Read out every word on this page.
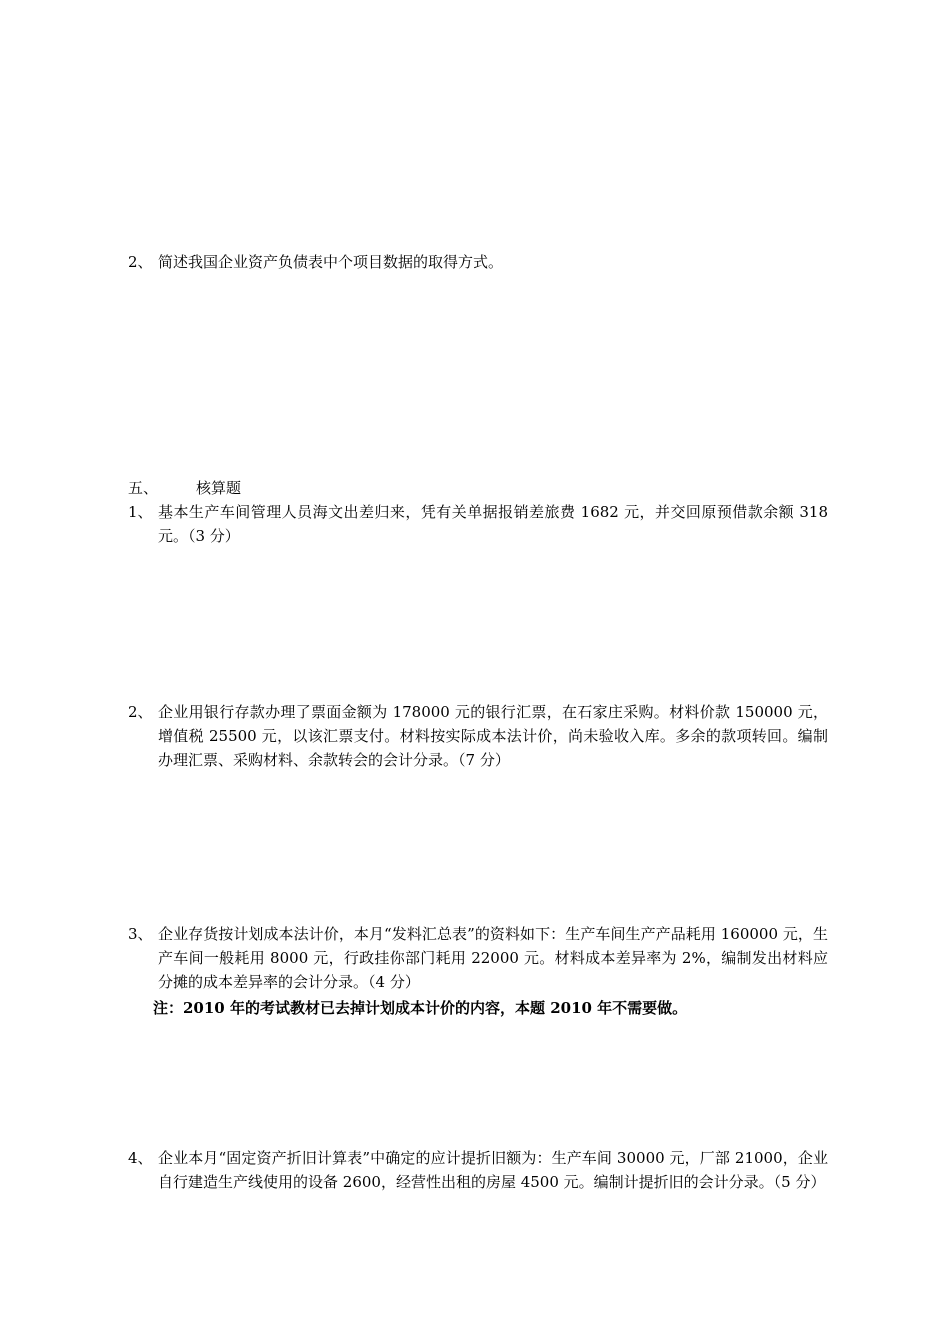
2、 简述我国企业资产负债表中个项目数据的取得方式。
五、	核算题
1、 基本生产车间管理人员海文出差归来，凭有关单据报销差旅费 1682 元，并交回原预借款余额 318 元。（3 分）
2、 企业用银行存款办理了票面金额为 178000 元的银行汇票，在石家庄采购。材料价款 150000 元，增值税 25500 元，以该汇票支付。材料按实际成本法计价，尚未验收入库。多余的款项转回。编制办理汇票、采购材料、余款转会的会计分录。（7 分）
3、 企业存货按计划成本法计价，本月“发料汇总表”的资料如下：生产车间生产产品耗用 160000 元，生产车间一般耗用 8000 元，行政挂你部门耗用 22000 元。材料成本差异率为 2%，编制发出材料应分摊的成本差异率的会计分录。（4 分）
注：2010 年的考试教材已去掉计划成本计价的内容，本题 2010 年不需要做。
4、 企业本月“固定资产折旧计算表”中确定的应计提折旧额为：生产车间 30000 元，厂部 21000，企业自行建造生产线使用的设备 2600，经营性出租的房屋 4500 元。编制计提折旧的会计分录。（5 分）
